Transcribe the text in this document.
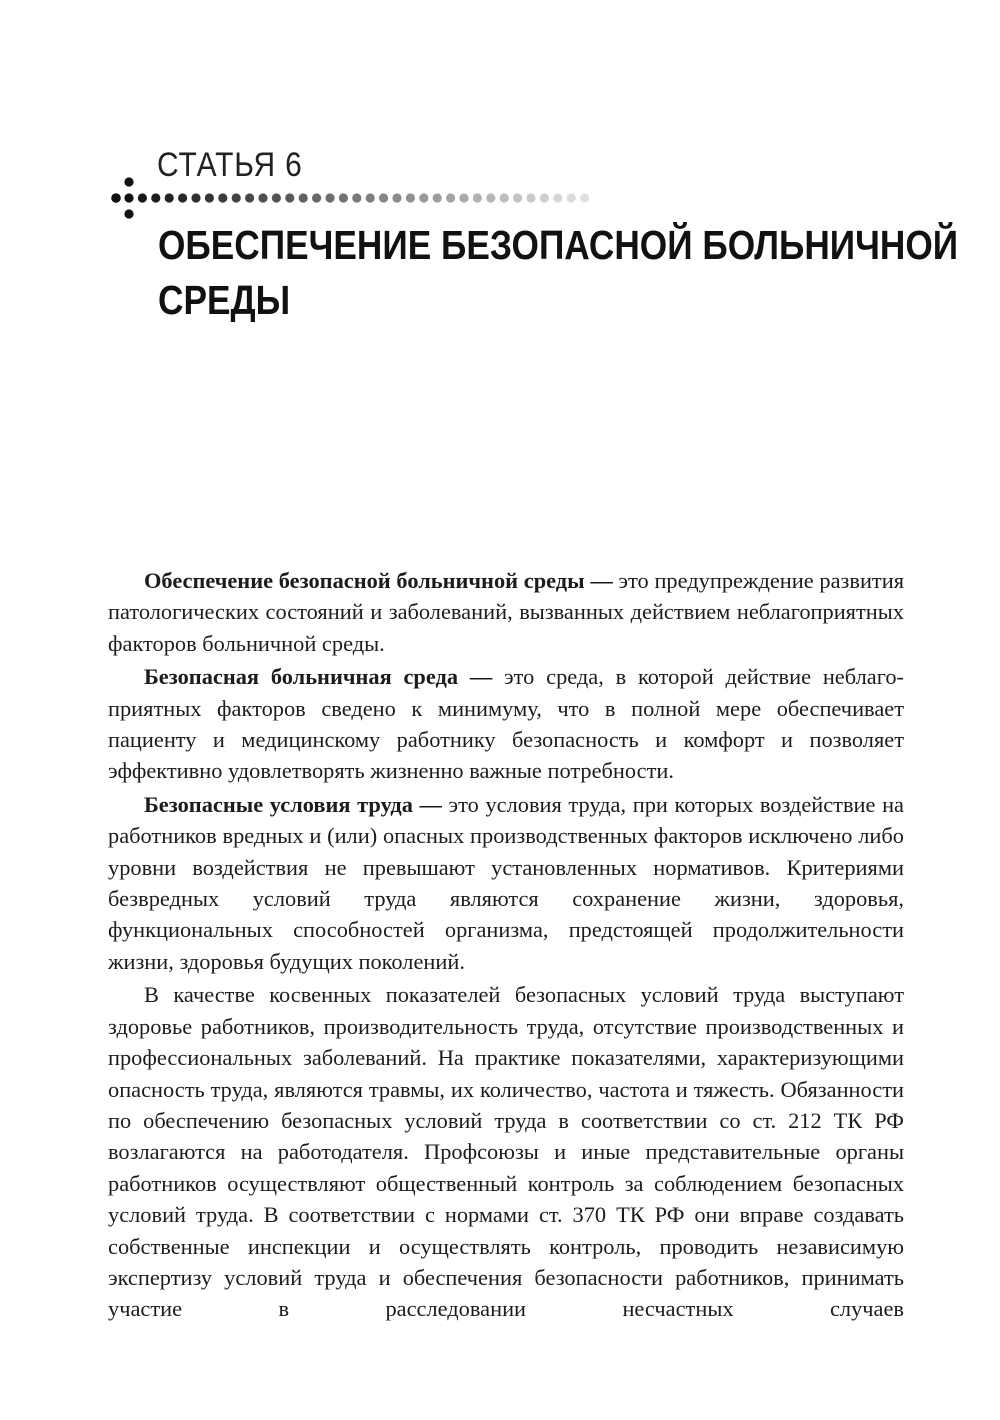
СТАТЬЯ 6
ОБЕСПЕЧЕНИЕ БЕЗОПАСНОЙ БОЛЬНИЧНОЙ
СРЕДЫ

Обеспечение безопасной больничной среды — это предупреждение развития патологических состояний и заболеваний, вызванных действием неблагоприятных факторов больничной среды.

Безопасная больничная среда — это среда, в которой действие неблагоприятных факторов сведено к минимуму, что в полной мере обеспечивает пациенту и медицинскому работнику безопасность и комфорт и позволяет эффективно удовлетворять жизненно важные потребности.

Безопасные условия труда — это условия труда, при которых воздействие на работников вредных и (или) опасных производственных факторов исключено либо уровни воздействия не превышают установленных нормативов. Критериями безвредных условий труда являются сохранение жизни, здоровья, функциональных способностей организма, предстоящей продолжительности жизни, здоровья будущих поколений.

В качестве косвенных показателей безопасных условий труда выступают здоровье работников, производительность труда, отсутствие производственных и профессиональных заболеваний. На практике показателями, характеризующими опасность труда, являются травмы, их количество, частота и тяжесть. Обязанности по обеспечению безопасных условий труда в соответствии со ст. 212 ТК РФ возлагаются на работодателя. Профсоюзы и иные представительные органы работников осуществляют общественный контроль за соблюдением безопасных условий труда. В соответствии с нормами ст. 370 ТК РФ они вправе создавать собственные инспекции и осуществлять контроль, проводить независимую экспертизу условий труда и обеспечения безопасности работников, принимать участие в расследовании несчастных случаев
